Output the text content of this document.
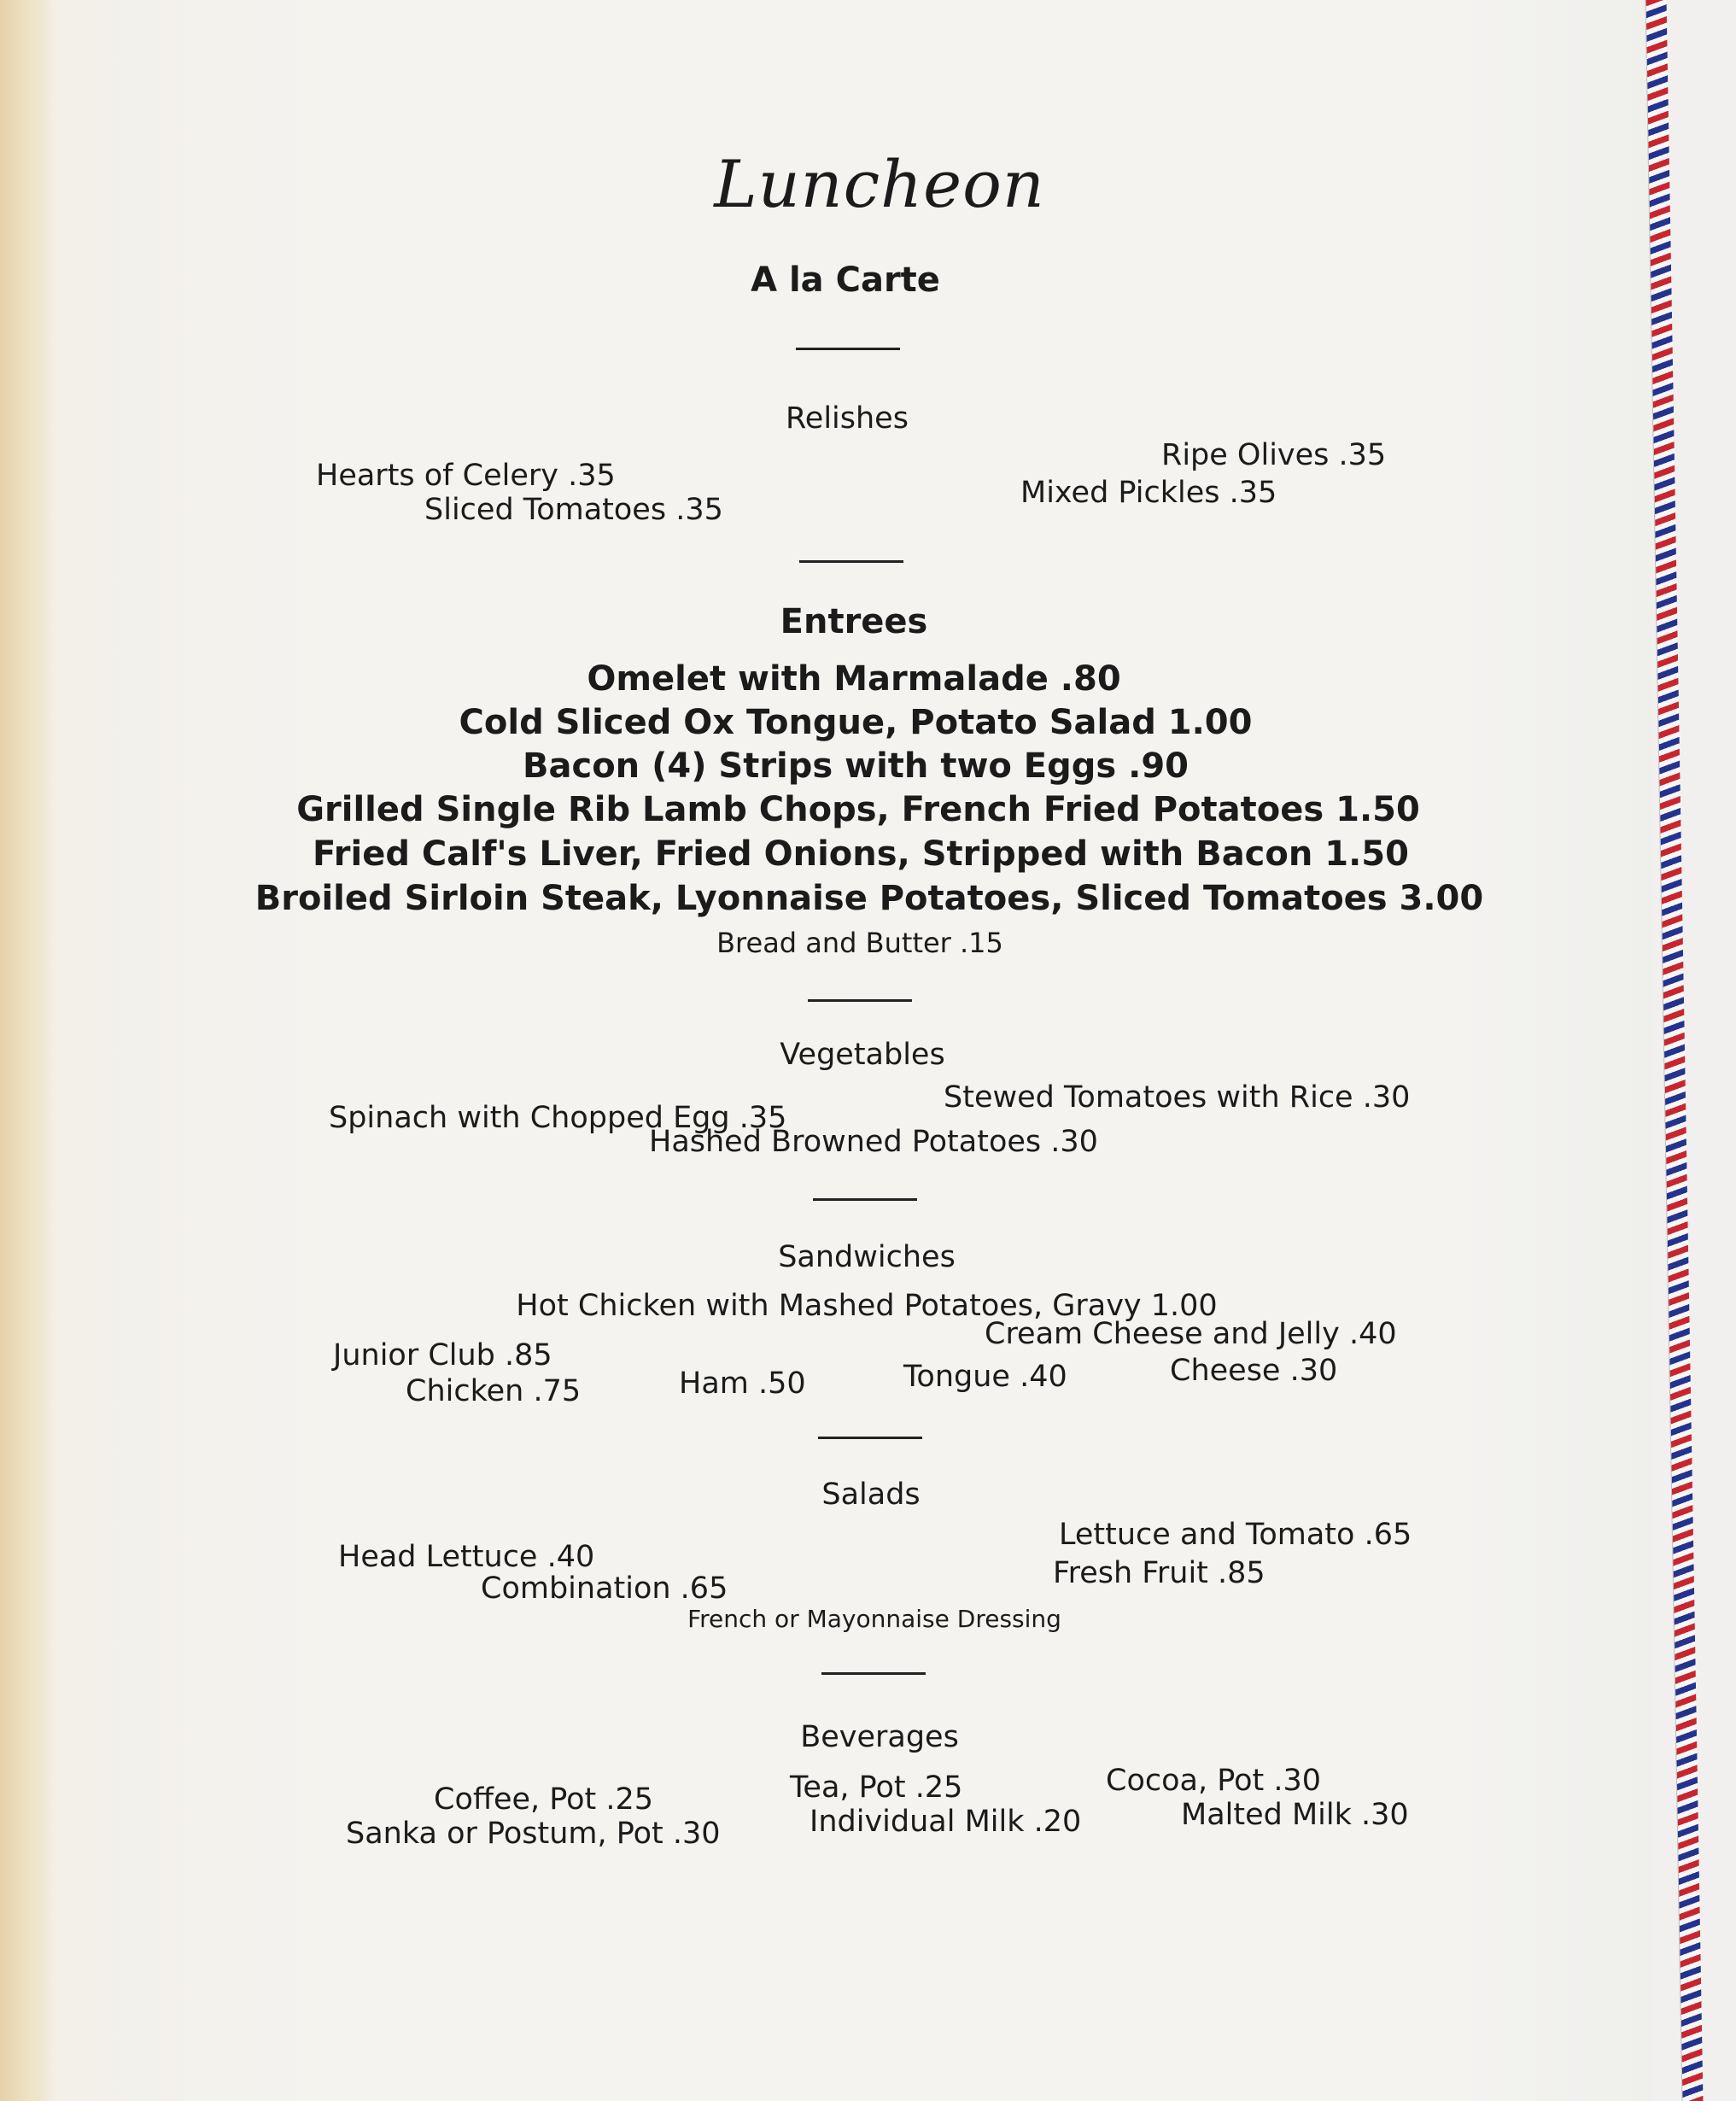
Luncheon
A la Carte
Relishes
Hearts of Celery .35
Sliced Tomatoes .35
Ripe Olives .35
Mixed Pickles .35
Entrees
Omelet with Marmalade .80
Cold Sliced Ox Tongue, Potato Salad 1.00
Bacon (4) Strips with two Eggs .90
Grilled Single Rib Lamb Chops, French Fried Potatoes 1.50
Fried Calf's Liver, Fried Onions, Stripped with Bacon 1.50
Broiled Sirloin Steak, Lyonnaise Potatoes, Sliced Tomatoes 3.00
Bread and Butter .15
Vegetables
Spinach with Chopped Egg .35
Stewed Tomatoes with Rice .30
Hashed Browned Potatoes .30
Sandwiches
Hot Chicken with Mashed Potatoes, Gravy 1.00
Junior Club .85
Cream Cheese and Jelly .40
Chicken .75	Ham .50	Tongue .40	Cheese .30
Salads
Head Lettuce .40
Combination .65
Lettuce and Tomato .65
Fresh Fruit .85
French or Mayonnaise Dressing
Beverages
Coffee, Pot .25
Sanka or Postum, Pot .30
Tea, Pot .25
Individual Milk .20
Cocoa, Pot .30
Malted Milk .30
